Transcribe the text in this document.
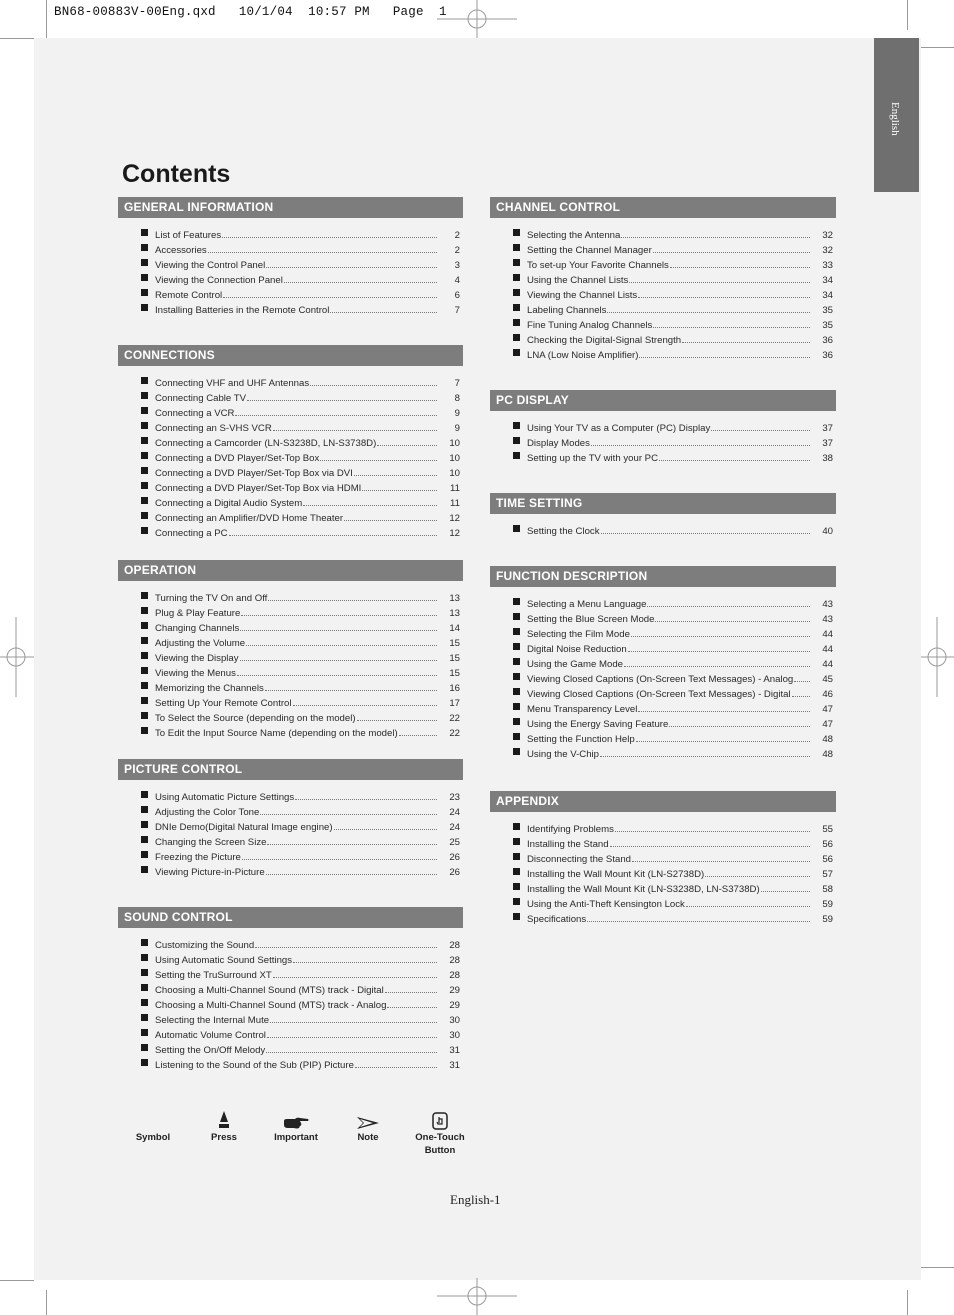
BN68-00883V-00Eng.qxd   10/1/04  10:57 PM   Page  1
English
Contents
GENERAL INFORMATION
List of Features	2
Accessories	2
Viewing the Control Panel	3
Viewing the Connection Panel	4
Remote Control	6
Installing Batteries in the Remote Control	7
CONNECTIONS
Connecting VHF and UHF Antennas	7
Connecting Cable TV	8
Connecting a VCR	9
Connecting an S-VHS VCR	9
Connecting a Camcorder (LN-S3238D, LN-S3738D)	10
Connecting a DVD Player/Set-Top Box	10
Connecting a DVD Player/Set-Top Box via DVI	10
Connecting a DVD Player/Set-Top Box via HDMI	11
Connecting a Digital Audio System	11
Connecting an Amplifier/DVD Home Theater	12
Connecting a PC	12
OPERATION
Turning the TV On and Off	13
Plug & Play Feature	13
Changing Channels	14
Adjusting the Volume	15
Viewing the Display	15
Viewing the Menus	15
Memorizing the Channels	16
Setting Up Your Remote Control	17
To Select the Source (depending on the model)	22
To Edit the Input Source Name (depending on the model)	22
PICTURE CONTROL
Using Automatic Picture Settings	23
Adjusting the Color Tone	24
DNIe Demo(Digital Natural Image engine)	24
Changing the Screen Size	25
Freezing the Picture	26
Viewing Picture-in-Picture	26
SOUND CONTROL
Customizing the Sound	28
Using Automatic Sound Settings	28
Setting the TruSurround XT	28
Choosing a Multi-Channel Sound (MTS) track - Digital	29
Choosing a Multi-Channel Sound (MTS) track - Analog	29
Selecting the Internal Mute	30
Automatic Volume Control	30
Setting the On/Off Melody	31
Listening to the Sound of the Sub (PIP) Picture	31
CHANNEL CONTROL
Selecting the Antenna	32
Setting the Channel Manager	32
To set-up Your Favorite Channels	33
Using the Channel Lists	34
Viewing the Channel Lists	34
Labeling Channels	35
Fine Tuning Analog Channels	35
Checking the Digital-Signal Strength	36
LNA (Low Noise Amplifier)	36
PC DISPLAY
Using Your TV as a Computer (PC) Display	37
Display Modes	37
Setting up the TV with your PC	38
TIME SETTING
Setting the Clock	40
FUNCTION DESCRIPTION
Selecting a Menu Language	43
Setting the Blue Screen Mode	43
Selecting the Film Mode	44
Digital Noise Reduction	44
Using the Game Mode	44
Viewing Closed Captions (On-Screen Text Messages) - Analog	45
Viewing Closed Captions (On-Screen Text Messages) - Digital	46
Menu Transparency Level	47
Using the Energy Saving Feature	47
Setting the Function Help	48
Using the V-Chip	48
APPENDIX
Identifying Problems	55
Installing the Stand	56
Disconnecting the Stand	56
Installing the Wall Mount Kit (LN-S2738D)	57
Installing the Wall Mount Kit (LN-S3238D, LN-S3738D)	58
Using the Anti-Theft Kensington Lock	59
Specifications	59
Symbol	Press	Important	Note	One-Touch
Button
English-1
